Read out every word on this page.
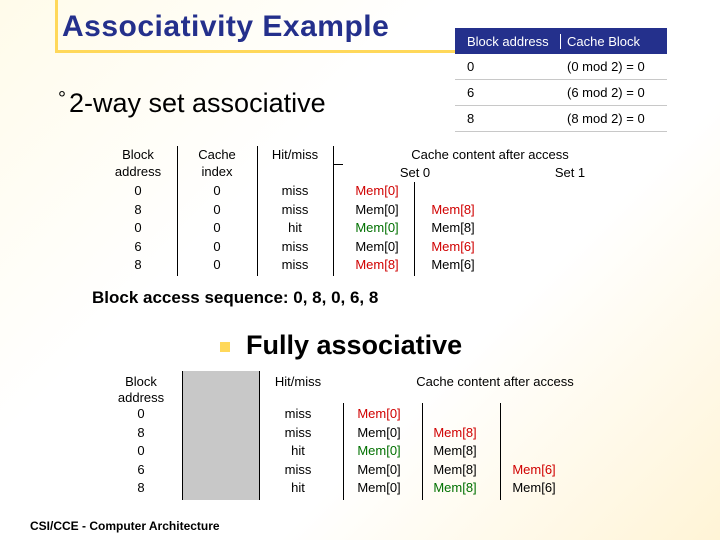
Associativity Example
° 2-way set associative
Block address	Cache Block
0	(0 mod 2) = 0
6	(6 mod 2) = 0
8	(8 mod 2) = 0
Block
address
Cache
index
Hit/miss	Cache content after access
Set 0	Set 1
0	0	miss	Mem[0]
8	0	miss	Mem[0]	Mem[8]
0	0	hit	Mem[0]	Mem[8]
6	0	miss	Mem[0]	Mem[6]
8	0	miss	Mem[8]	Mem[6]
Block access sequence: 0, 8, 0, 6, 8
Fully associative
Block
address
Hit/miss	Cache content after access
0	miss	Mem[0]
8	miss	Mem[0]	Mem[8]
0	hit	Mem[0]	Mem[8]
6	miss	Mem[0]	Mem[8]	Mem[6]
8	hit	Mem[0]	Mem[8]	Mem[6]
CSI/CCE - Computer Architecture
